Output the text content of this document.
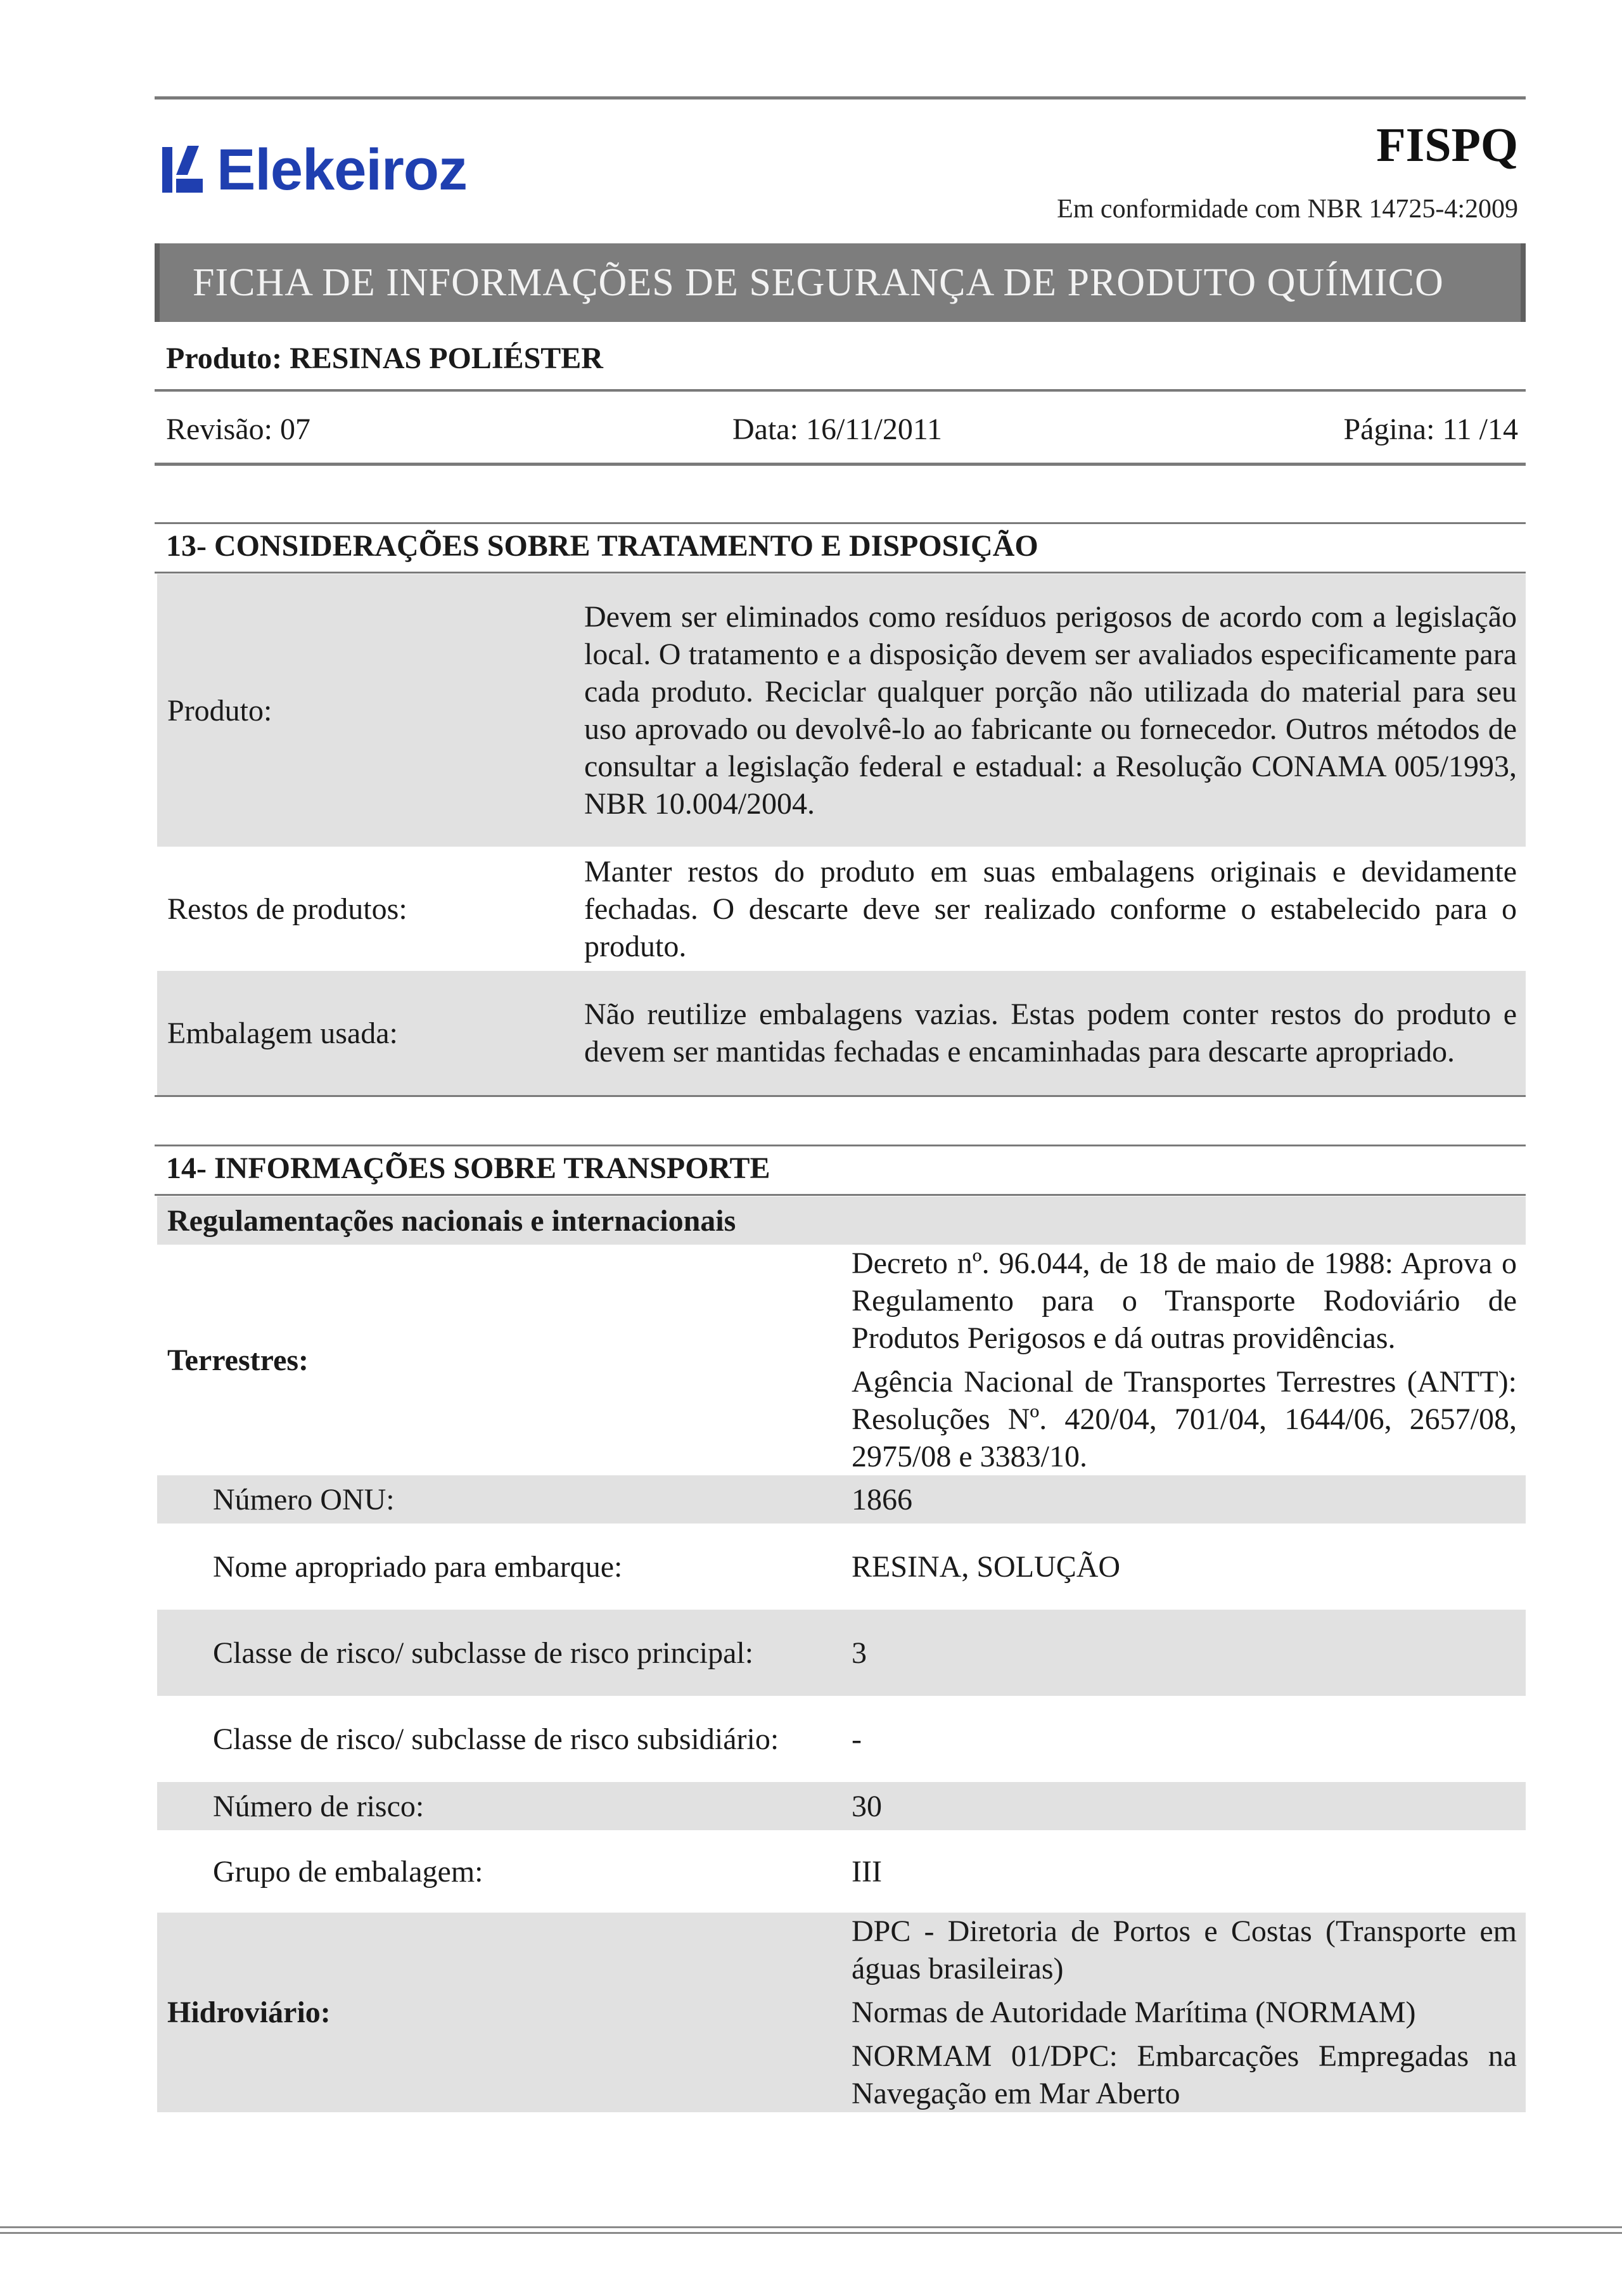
Elekeiroz	FISPQ
Em conformidade com NBR 14725-4:2009
FICHA DE INFORMAÇÕES DE SEGURANÇA DE PRODUTO QUÍMICO
Produto: RESINAS POLIÉSTER
Revisão: 07	Data: 16/11/2011	Página: 11 /14
13- CONSIDERAÇÕES SOBRE TRATAMENTO E DISPOSIÇÃO
Produto:	Devem ser eliminados como resíduos perigosos de acordo com a legislação local. O tratamento e a disposição devem ser avaliados especificamente para cada produto. Reciclar qualquer porção não utilizada do material para seu uso aprovado ou devolvê-lo ao fabricante ou fornecedor. Outros métodos de consultar a legislação federal e estadual: a Resolução CONAMA 005/1993, NBR 10.004/2004.
Restos de produtos:	Manter restos do produto em suas embalagens originais e devidamente fechadas. O descarte deve ser realizado conforme o estabelecido para o produto.
Embalagem usada:	Não reutilize embalagens vazias. Estas podem conter restos do produto e devem ser mantidas fechadas e encaminhadas para descarte apropriado.
14- INFORMAÇÕES SOBRE TRANSPORTE
Regulamentações nacionais e internacionais	
Terrestres:	Decreto nº. 96.044, de 18 de maio de 1988: Aprova o Regulamento para o Transporte Rodoviário de Produtos Perigosos e dá outras providências.
Agência Nacional de Transportes Terrestres (ANTT): Resoluções Nº. 420/04, 701/04, 1644/06, 2657/08, 2975/08 e 3383/10.

Número ONU:	1866
Nome apropriado para embarque:	RESINA, SOLUÇÃO
Classe de risco/ subclasse de risco principal:	3
Classe de risco/ subclasse de risco subsidiário:	-
Número de risco:	30
Grupo de embalagem:	III
Hidroviário:	DPC - Diretoria de Portos e Costas (Transporte em águas brasileiras)
Normas de Autoridade Marítima (NORMAM)
NORMAM 01/DPC: Embarcações Empregadas na Navegação em Mar Aberto
